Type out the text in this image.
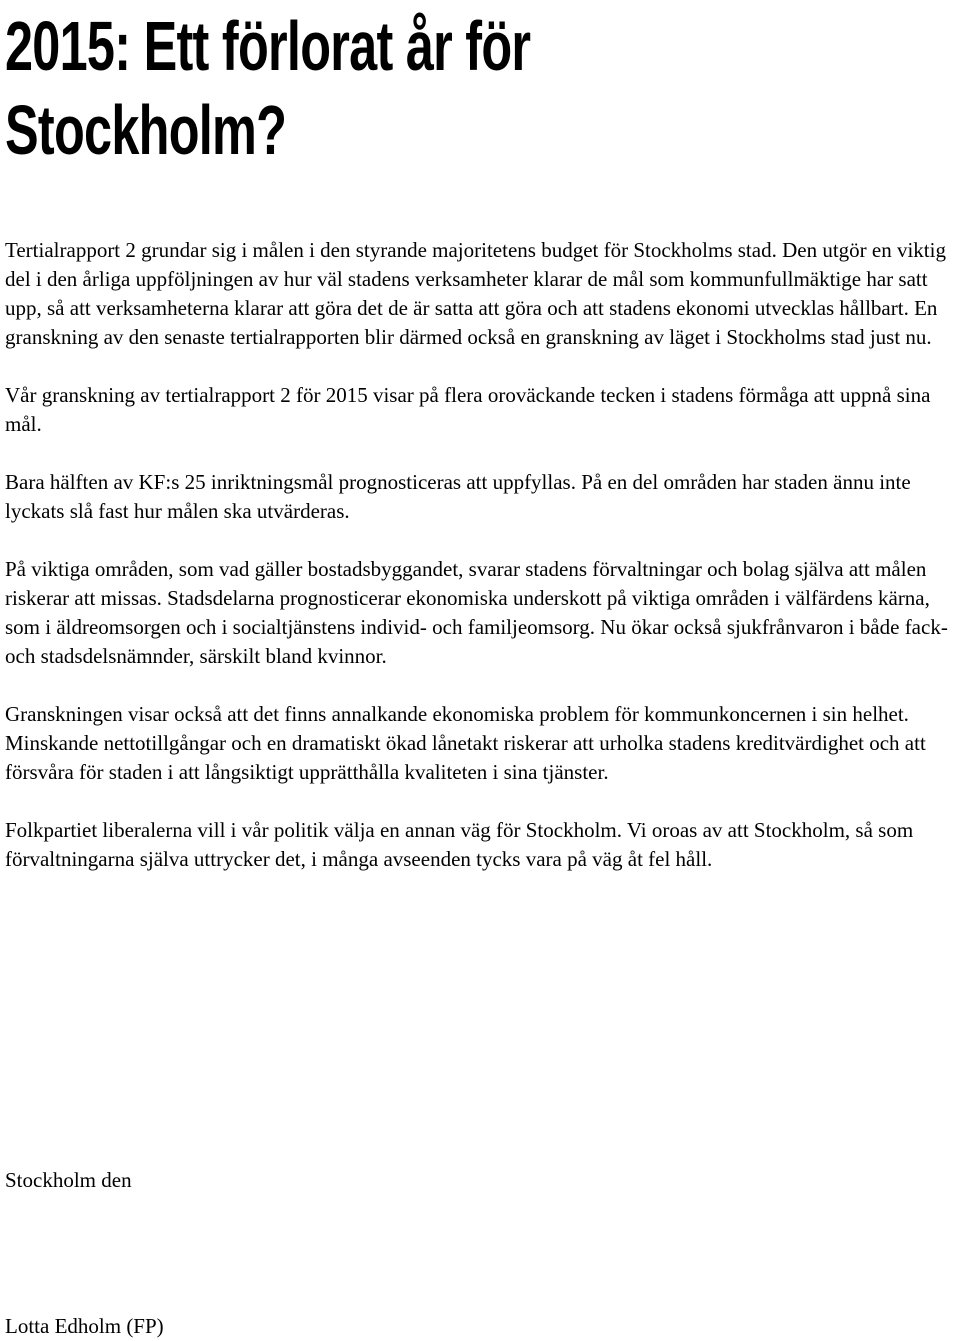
2015: Ett förlorat år för
Stockholm?

Tertialrapport 2 grundar sig i målen i den styrande majoritetens budget för Stockholms stad. Den utgör en viktig del i den årliga uppföljningen av hur väl stadens verksamheter klarar de mål som kommunfullmäktige har satt upp, så att verksamheterna klarar att göra det de är satta att göra och att stadens ekonomi utvecklas hållbart. En granskning av den senaste tertialrapporten blir därmed också en granskning av läget i Stockholms stad just nu.

Vår granskning av tertialrapport 2 för 2015 visar på flera oroväckande tecken i stadens förmåga att uppnå sina mål.

Bara hälften av KF:s 25 inriktningsmål prognosticeras att uppfyllas. På en del områden har staden ännu inte lyckats slå fast hur målen ska utvärderas.

På viktiga områden, som vad gäller bostadsbyggandet, svarar stadens förvaltningar och bolag själva att målen riskerar att missas. Stadsdelarna prognosticerar ekonomiska underskott på viktiga områden i välfärdens kärna, som i äldreomsorgen och i socialtjänstens individ- och familjeomsorg. Nu ökar också sjukfrånvaron i både fack- och stadsdelsnämnder, särskilt bland kvinnor.

Granskningen visar också att det finns annalkande ekonomiska problem för kommunkoncernen i sin helhet. Minskande nettotillgångar och en dramatiskt ökad lånetakt riskerar att urholka stadens kreditvärdighet och att försvåra för staden i att långsiktigt upprätthålla kvaliteten i sina tjänster.

Folkpartiet liberalerna vill i vår politik välja en annan väg för Stockholm. Vi oroas av att Stockholm, så som förvaltningarna själva uttrycker det, i många avseenden tycks vara på väg åt fel håll.

Stockholm den

Lotta Edholm (FP)
